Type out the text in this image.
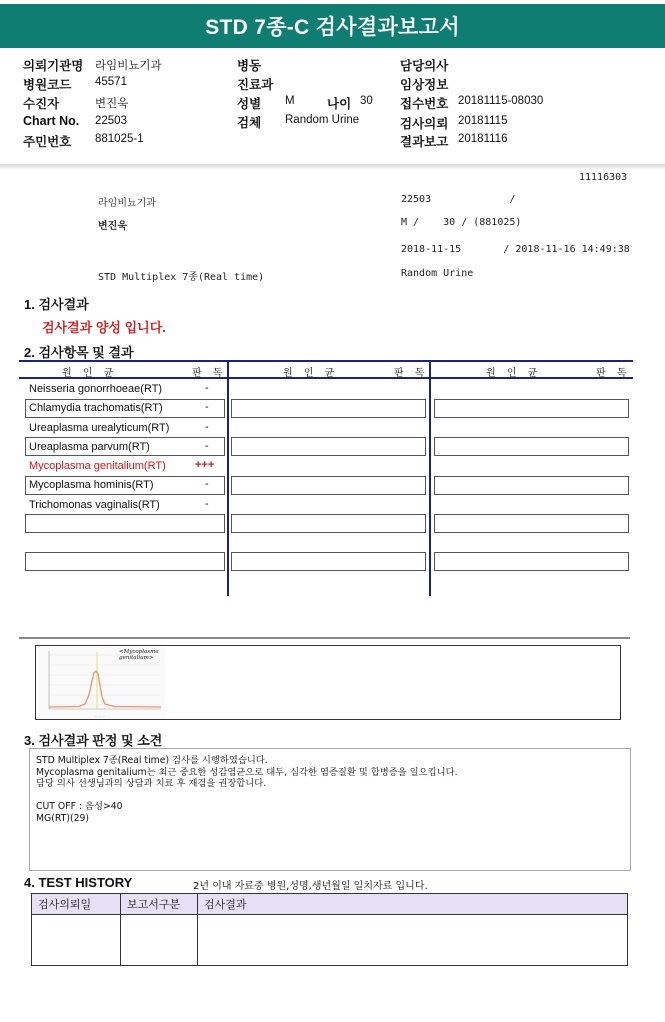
STD 7종-C 검사결과보고서
의뢰기관명 라임비뇨기과
병원코드 45571
수진자	변진욱
Chart No. 22503
주민번호 881025-1
병동
진료과
성별 M	나이 30
검체 Random Urine
담당의사
임상정보
접수번호 20181115-08030
검사의뢰 20181115
결과보고 20181116
11116303
라임비뇨기과	22503             /
변진욱	M /    30 / (881025)
2018-11-15       / 2018-11-16 14:49:38
STD Multiplex 7종(Real time)	Random Urine
1. 검사결과
검사결과 양성 입니다.
2. 검사항목 및 결과
원 인 균	판 독	원 인 균	판 독	원 인 균	판 독
Neisseria gonorrhoeae(RT)	-
Chlamydia trachomatis(RT)	-
Ureaplasma urealyticum(RT)	-
Ureaplasma parvum(RT)	-
Mycoplasma genitalium(RT)	+++
Mycoplasma hominis(RT)	-
Trichomonas vaginalis(RT)	-
― ― ―
<Mycoplasma genitalium>
3. 검사결과 판정 및 소견
STD Multiplex 7종(Real time) 검사를 시행하였습니다.
Mycoplasma genitalium는 최근 중요한 성감염균으로 대두, 심각한 염증질환 및 합병증을 일으킵니다.
담당 의사 선생님과의 상담과 치료 후 재검을 권장합니다.
CUT OFF : 음성>40
MG(RT)(29)
4. TEST HISTORY	2년 이내 자료중 병원,성명,생년월일 일치자료 입니다.
검사의뢰일	보고서구분	검사결과
